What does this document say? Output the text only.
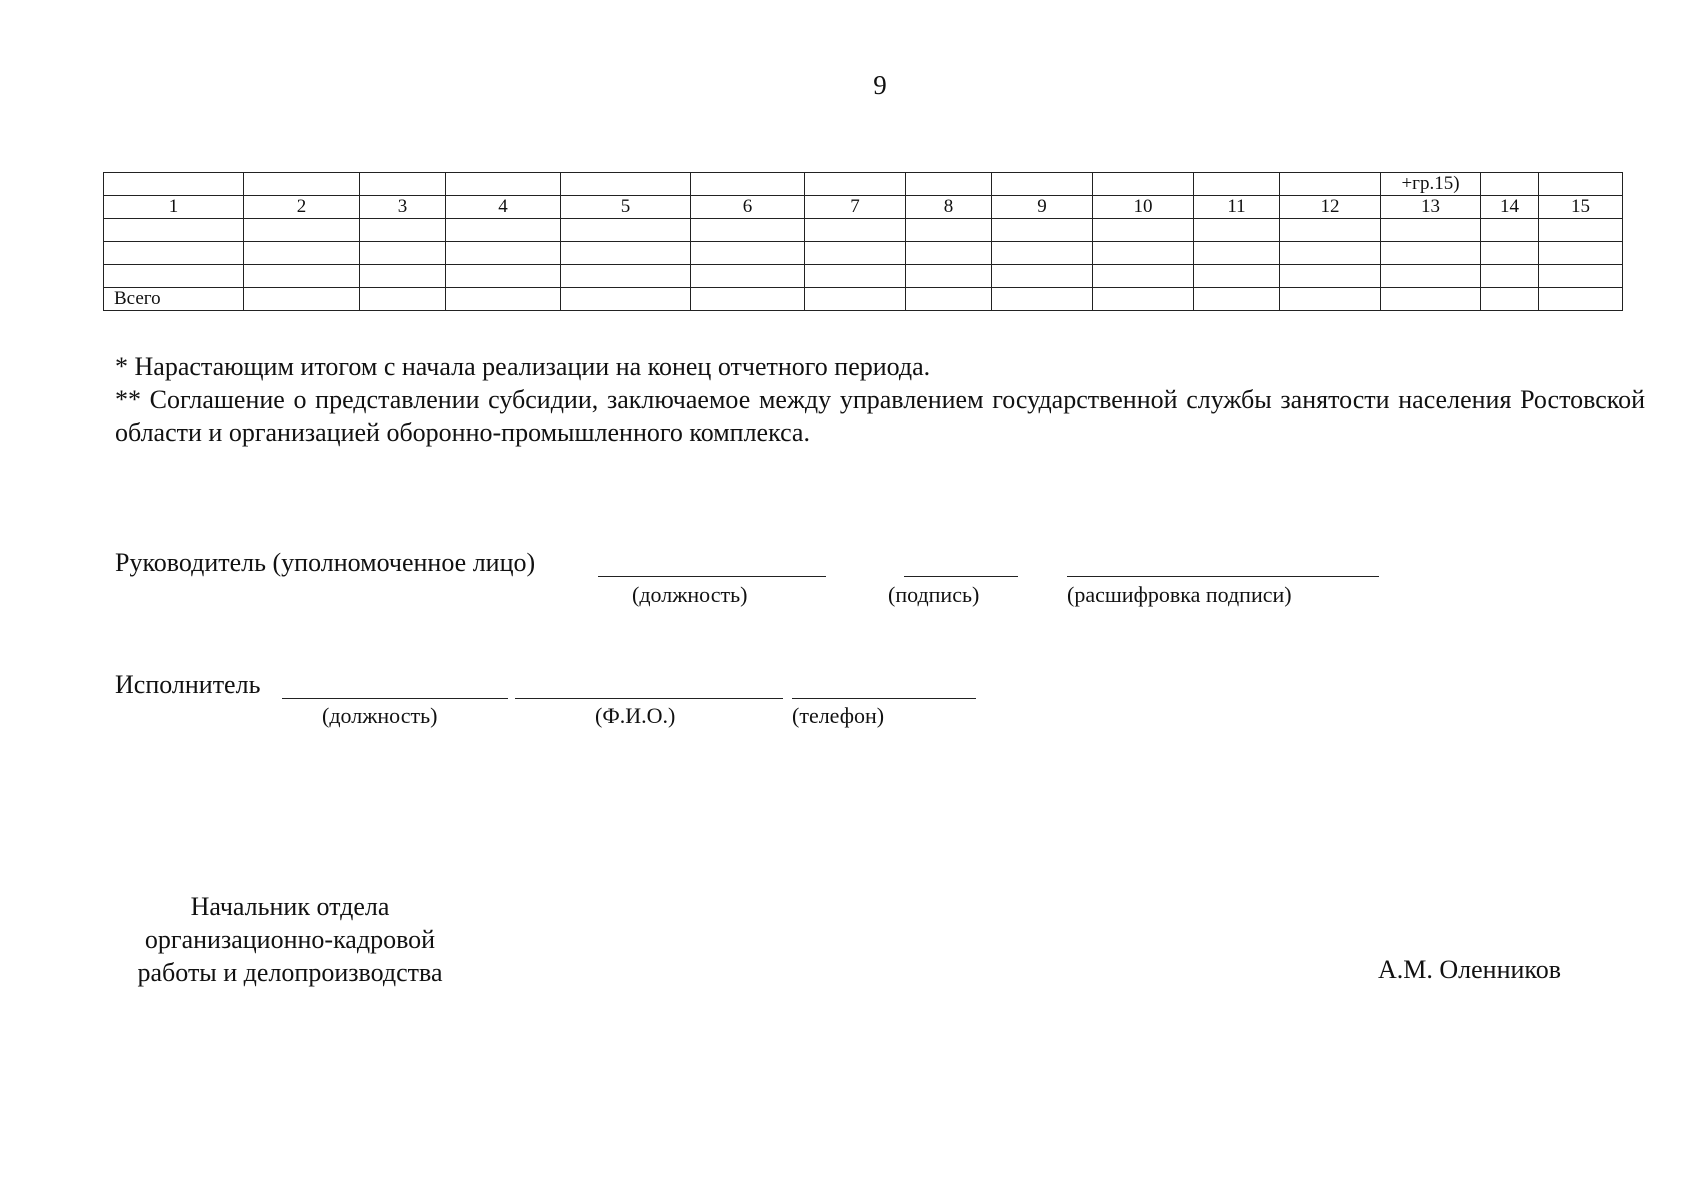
9
												+гр.15)		
1	2	3	4	5	6	7	8	9	10	11	12	13	14	15

Всего														

* Нарастающим итогом с начала реализации на конец отчетного периода.

** Соглашение о представлении субсидии, заключаемое между управлением государственной службы занятости населения Ростовской области и организацией оборонно-промышленного комплекса.

Руководитель (уполномоченное лицо)
(должность)	(подпись)	(расшифровка подписи)
Исполнитель
(должность)	(Ф.И.О.)	(телефон)
Начальник отдела
организационно-кадровой
работы и делопроизводства	А.М. Оленников
